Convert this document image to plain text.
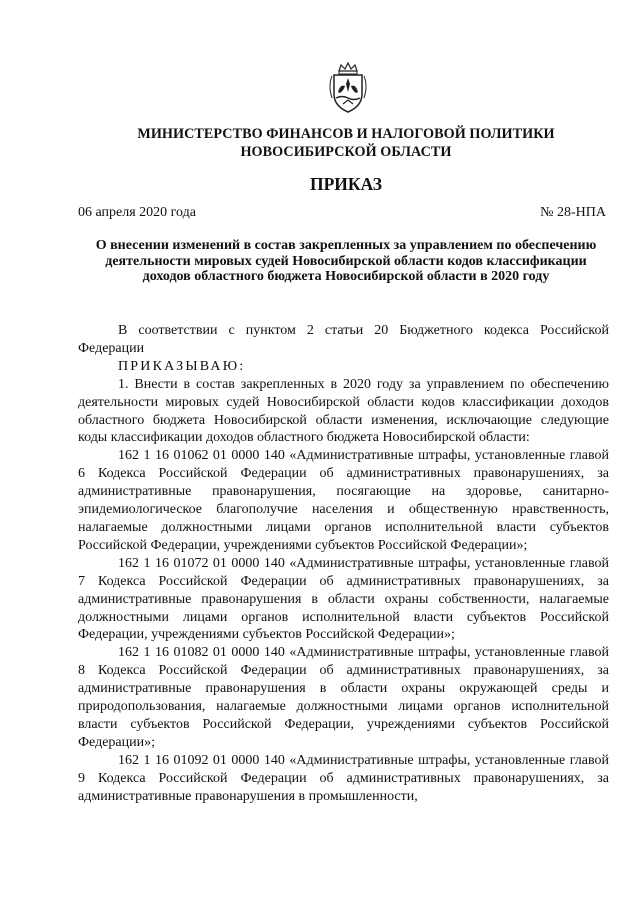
МИНИСТЕРСТВО ФИНАНСОВ И НАЛОГОВОЙ ПОЛИТИКИ
НОВОСИБИРСКОЙ ОБЛАСТИ
ПРИКАЗ
06 апреля 2020 года	№ 28-НПА
О внесении изменений в состав закрепленных за управлением по обеспечению деятельности мировых судей Новосибирской области кодов классификации доходов областного бюджета Новосибирской области в 2020 году

В соответствии с пунктом 2 статьи 20 Бюджетного кодекса Российской Федерации

ПРИКАЗЫВАЮ:

1. Внести в состав закрепленных в 2020 году за управлением по обеспечению деятельности мировых судей Новосибирской области кодов классификации доходов областного бюджета Новосибирской области изменения, исключающие следующие коды классификации доходов областного бюджета Новосибирской области:

162 1 16 01062 01 0000 140 «Административные штрафы, установленные главой 6 Кодекса Российской Федерации об административных правонарушениях, за административные правонарушения, посягающие на здоровье, санитарно-эпидемиологическое благополучие населения и общественную нравственность, налагаемые должностными лицами органов исполнительной власти субъектов Российской Федерации, учреждениями субъектов Российской Федерации»;

162 1 16 01072 01 0000 140 «Административные штрафы, установленные главой 7 Кодекса Российской Федерации об административных правонарушениях, за административные правонарушения в области охраны собственности, налагаемые должностными лицами органов исполнительной власти субъектов Российской Федерации, учреждениями субъектов Российской Федерации»;

162 1 16 01082 01 0000 140 «Административные штрафы, установленные главой 8 Кодекса Российской Федерации об административных правонарушениях, за административные правонарушения в области охраны окружающей среды и природопользования, налагаемые должностными лицами органов исполнительной власти субъектов Российской Федерации, учреждениями субъектов Российской Федерации»;

162 1 16 01092 01 0000 140 «Административные штрафы, установленные главой 9 Кодекса Российской Федерации об административных правонарушениях, за административные правонарушения в промышленности,
